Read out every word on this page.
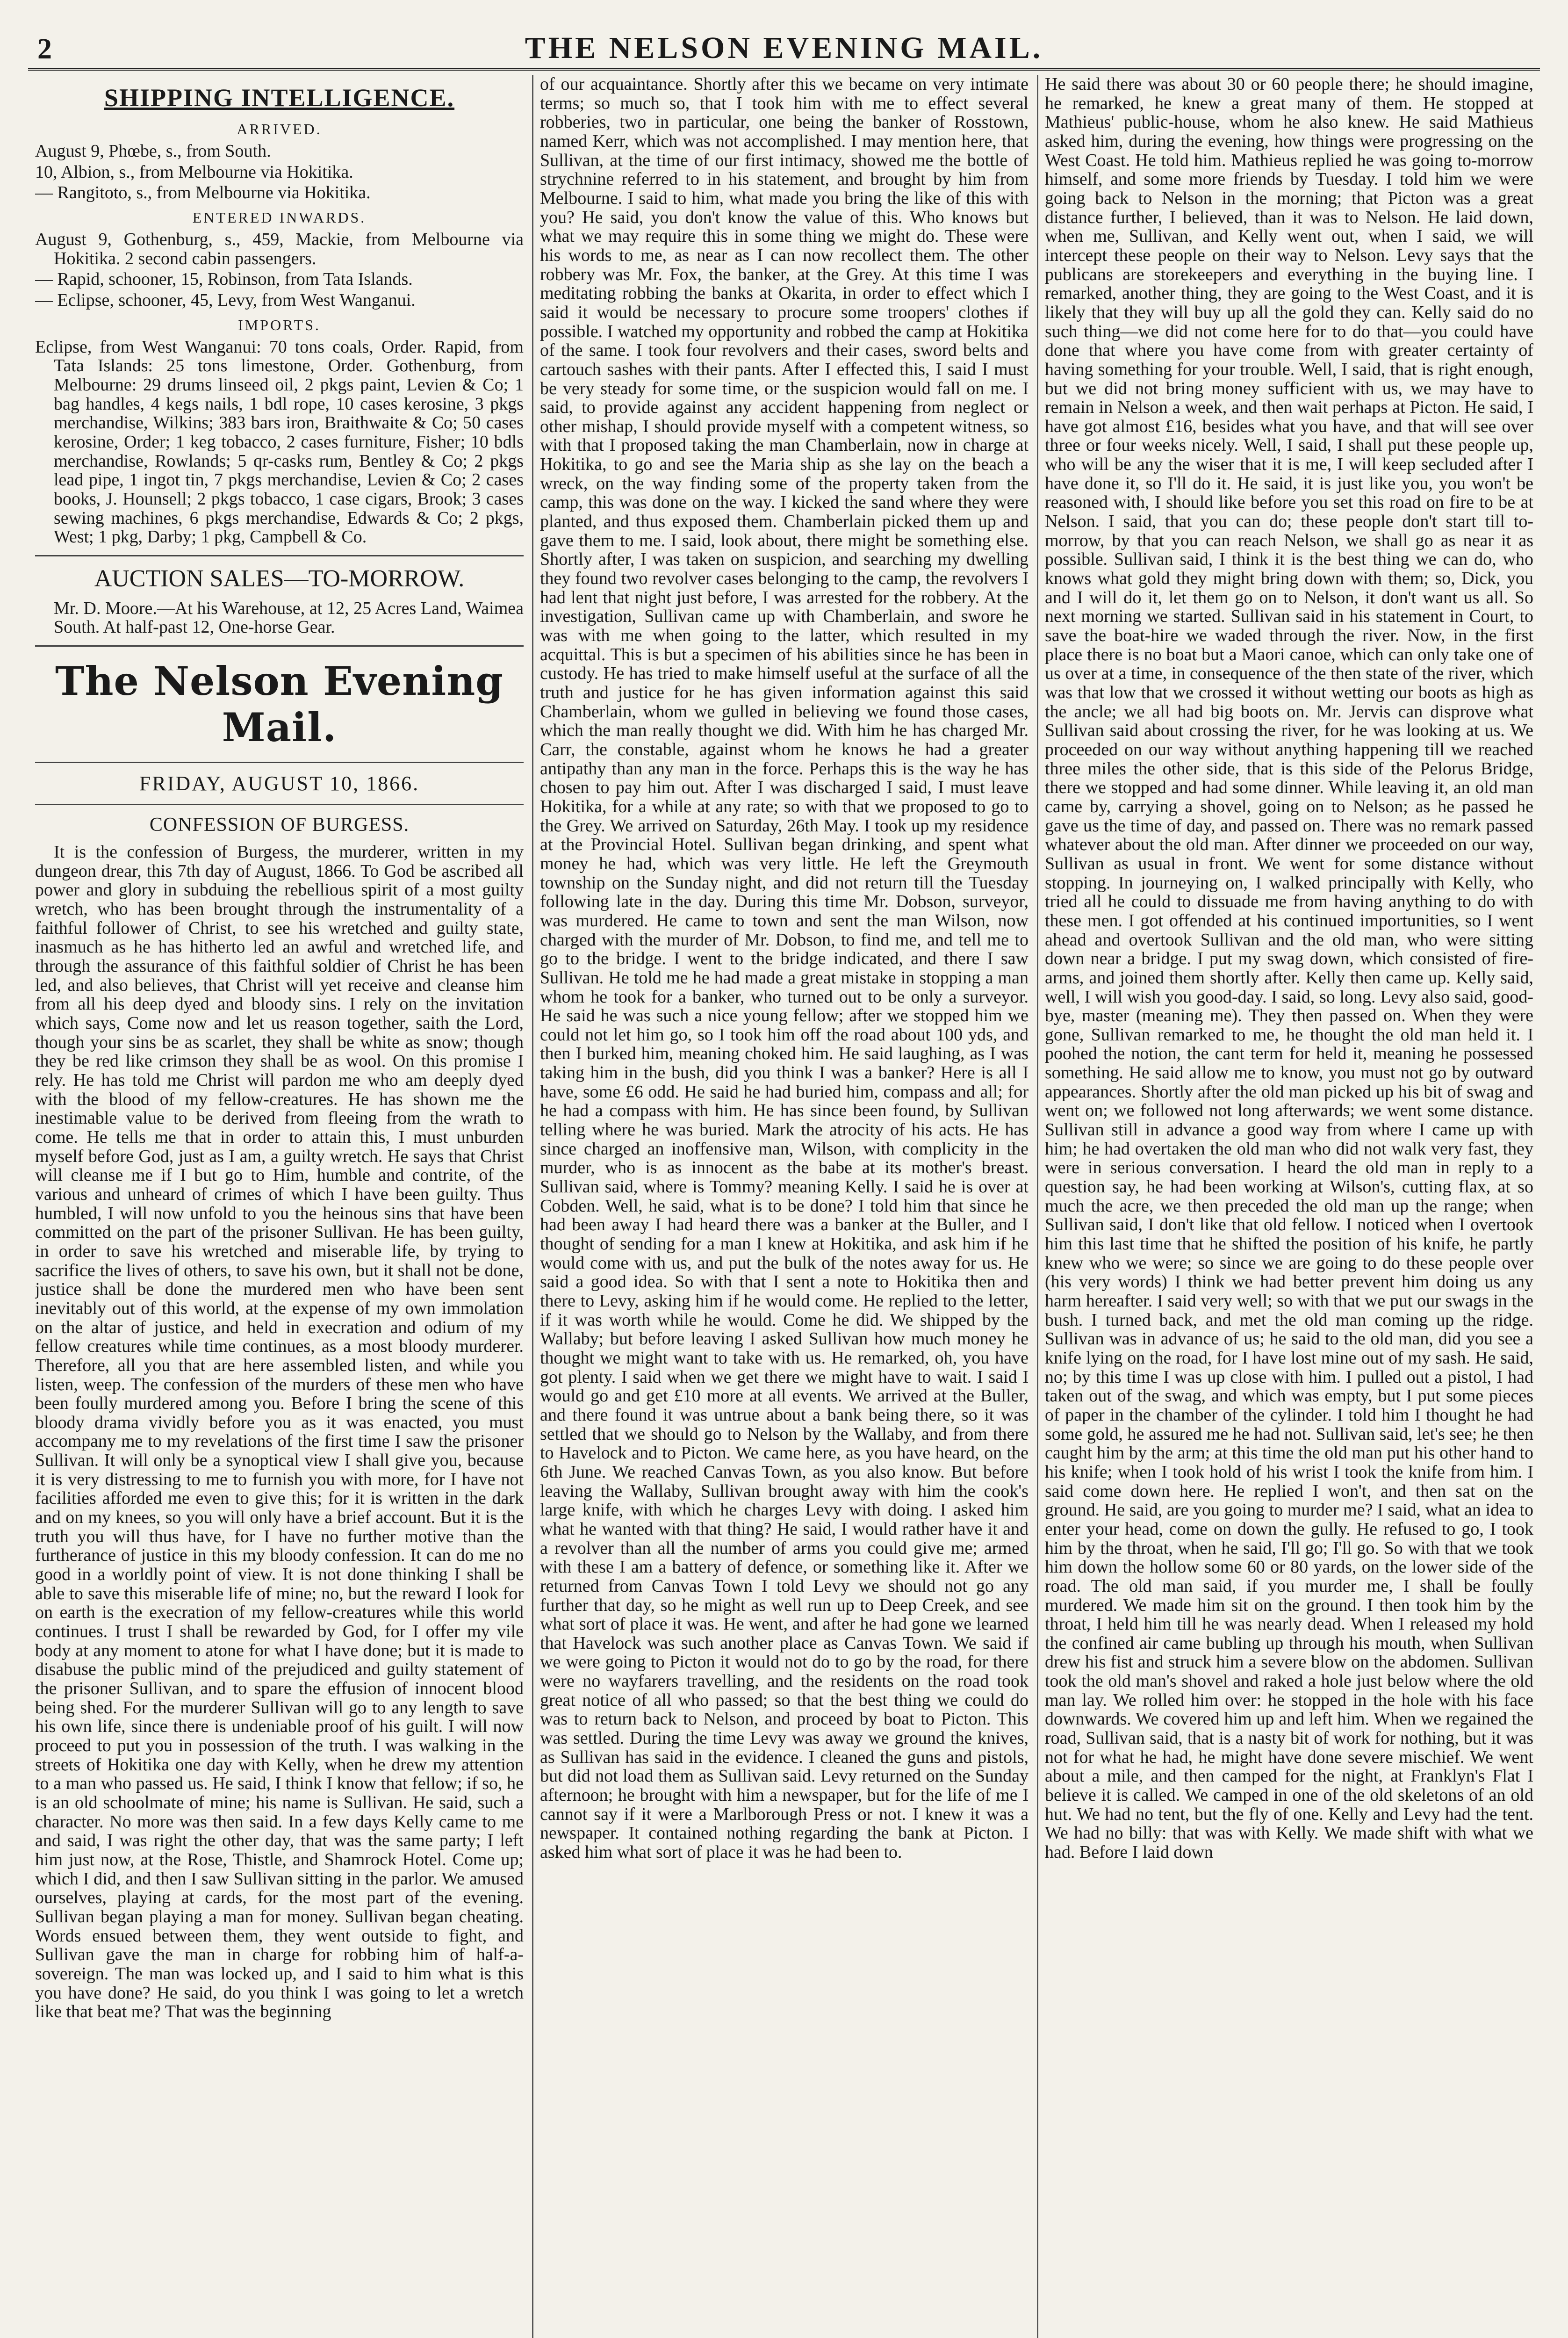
2	THE NELSON EVENING MAIL.
SHIPPING INTELLIGENCE.
ARRIVED.

August 9, Phœbe, s., from South.

10, Albion, s., from Melbourne via Hokitika.

— Rangitoto, s., from Melbourne via Hokitika.

ENTERED INWARDS.

August 9, Gothenburg, s., 459, Mackie, from Melbourne via Hokitika. 2 second cabin passengers.

— Rapid, schooner, 15, Robinson, from Tata Islands.

— Eclipse, schooner, 45, Levy, from West Wanganui.

IMPORTS.

Eclipse, from West Wanganui: 70 tons coals, Order. Rapid, from Tata Islands: 25 tons limestone, Order. Gothenburg, from Melbourne: 29 drums linseed oil, 2 pkgs paint, Levien & Co; 1 bag handles, 4 kegs nails, 1 bdl rope, 10 cases kerosine, 3 pkgs merchandise, Wilkins; 383 bars iron, Braithwaite & Co; 50 cases kerosine, Order; 1 keg tobacco, 2 cases furniture, Fisher; 10 bdls merchandise, Rowlands; 5 qr-casks rum, Bentley & Co; 2 pkgs lead pipe, 1 ingot tin, 7 pkgs merchandise, Levien & Co; 2 cases books, J. Hounsell; 2 pkgs tobacco, 1 case cigars, Brook; 3 cases sewing machines, 6 pkgs merchandise, Edwards & Co; 2 pkgs, West; 1 pkg, Darby; 1 pkg, Campbell & Co.

AUCTION SALES—TO-MORROW.

Mr. D. Moore.—At his Warehouse, at 12, 25 Acres Land, Waimea South. At half-past 12, One-horse Gear.

The Nelson Evening Mail.
FRIDAY, AUGUST 10, 1866.
CONFESSION OF BURGESS.

It is the confession of Burgess, the murderer, written in my dungeon drear, this 7th day of August, 1866. To God be ascribed all power and glory in subduing the rebellious spirit of a most guilty wretch, who has been brought through the instrumentality of a faithful follower of Christ, to see his wretched and guilty state, inasmuch as he has hitherto led an awful and wretched life, and through the assurance of this faithful soldier of Christ he has been led, and also believes, that Christ will yet receive and cleanse him from all his deep dyed and bloody sins. I rely on the invitation which says, Come now and let us reason together, saith the Lord, though your sins be as scarlet, they shall be white as snow; though they be red like crimson they shall be as wool. On this promise I rely. He has told me Christ will pardon me who am deeply dyed with the blood of my fellow-creatures. He has shown me the inestimable value to be derived from fleeing from the wrath to come. He tells me that in order to attain this, I must unburden myself before God, just as I am, a guilty wretch. He says that Christ will cleanse me if I but go to Him, humble and contrite, of the various and unheard of crimes of which I have been guilty. Thus humbled, I will now unfold to you the heinous sins that have been committed on the part of the prisoner Sullivan. He has been guilty, in order to save his wretched and miserable life, by trying to sacrifice the lives of others, to save his own, but it shall not be done, justice shall be done the murdered men who have been sent inevitably out of this world, at the expense of my own immolation on the altar of justice, and held in execration and odium of my fellow creatures while time continues, as a most bloody murderer. Therefore, all you that are here assembled listen, and while you listen, weep. The confession of the murders of these men who have been foully murdered among you. Before I bring the scene of this bloody drama vividly before you as it was enacted, you must accompany me to my revelations of the first time I saw the prisoner Sullivan. It will only be a synoptical view I shall give you, because it is very distressing to me to furnish you with more, for I have not facilities afforded me even to give this; for it is written in the dark and on my knees, so you will only have a brief account. But it is the truth you will thus have, for I have no further motive than the furtherance of justice in this my bloody confession. It can do me no good in a worldly point of view. It is not done thinking I shall be able to save this miserable life of mine; no, but the reward I look for on earth is the execration of my fellow-creatures while this world continues. I trust I shall be rewarded by God, for I offer my vile body at any moment to atone for what I have done; but it is made to disabuse the public mind of the prejudiced and guilty statement of the prisoner Sullivan, and to spare the effusion of innocent blood being shed. For the murderer Sullivan will go to any length to save his own life, since there is undeniable proof of his guilt. I will now proceed to put you in possession of the truth. I was walking in the streets of Hokitika one day with Kelly, when he drew my attention to a man who passed us. He said, I think I know that fellow; if so, he is an old schoolmate of mine; his name is Sullivan. He said, such a character. No more was then said. In a few days Kelly came to me and said, I was right the other day, that was the same party; I left him just now, at the Rose, Thistle, and Shamrock Hotel. Come up; which I did, and then I saw Sullivan sitting in the parlor. We amused ourselves, playing at cards, for the most part of the evening. Sullivan began playing a man for money. Sullivan began cheating. Words ensued between them, they went outside to fight, and Sullivan gave the man in charge for robbing him of half-a-sovereign. The man was locked up, and I said to him what is this you have done? He said, do you think I was going to let a wretch like that beat me? That was the beginning

of our acquaintance. Shortly after this we became on very intimate terms; so much so, that I took him with me to effect several robberies, two in particular, one being the banker of Rosstown, named Kerr, which was not accomplished. I may mention here, that Sullivan, at the time of our first intimacy, showed me the bottle of strychnine referred to in his statement, and brought by him from Melbourne. I said to him, what made you bring the like of this with you? He said, you don't know the value of this. Who knows but what we may require this in some thing we might do. These were his words to me, as near as I can now recollect them. The other robbery was Mr. Fox, the banker, at the Grey. At this time I was meditating robbing the banks at Okarita, in order to effect which I said it would be necessary to procure some troopers' clothes if possible. I watched my opportunity and robbed the camp at Hokitika of the same. I took four revolvers and their cases, sword belts and cartouch sashes with their pants. After I effected this, I said I must be very steady for some time, or the suspicion would fall on me. I said, to provide against any accident happening from neglect or other mishap, I should provide myself with a competent witness, so with that I proposed taking the man Chamberlain, now in charge at Hokitika, to go and see the Maria ship as she lay on the beach a wreck, on the way finding some of the property taken from the camp, this was done on the way. I kicked the sand where they were planted, and thus exposed them. Chamberlain picked them up and gave them to me. I said, look about, there might be something else. Shortly after, I was taken on suspicion, and searching my dwelling they found two revolver cases belonging to the camp, the revolvers I had lent that night just before, I was arrested for the robbery. At the investigation, Sullivan came up with Chamberlain, and swore he was with me when going to the latter, which resulted in my acquittal. This is but a specimen of his abilities since he has been in custody. He has tried to make himself useful at the surface of all the truth and justice for he has given information against this said Chamberlain, whom we gulled in believing we found those cases, which the man really thought we did. With him he has charged Mr. Carr, the constable, against whom he knows he had a greater antipathy than any man in the force. Perhaps this is the way he has chosen to pay him out. After I was discharged I said, I must leave Hokitika, for a while at any rate; so with that we proposed to go to the Grey. We arrived on Saturday, 26th May. I took up my residence at the Provincial Hotel. Sullivan began drinking, and spent what money he had, which was very little. He left the Greymouth township on the Sunday night, and did not return till the Tuesday following late in the day. During this time Mr. Dobson, surveyor, was murdered. He came to town and sent the man Wilson, now charged with the murder of Mr. Dobson, to find me, and tell me to go to the bridge. I went to the bridge indicated, and there I saw Sullivan. He told me he had made a great mistake in stopping a man whom he took for a banker, who turned out to be only a surveyor. He said he was such a nice young fellow; after we stopped him we could not let him go, so I took him off the road about 100 yds, and then I burked him, meaning choked him. He said laughing, as I was taking him in the bush, did you think I was a banker? Here is all I have, some £6 odd. He said he had buried him, compass and all; for he had a compass with him. He has since been found, by Sullivan telling where he was buried. Mark the atrocity of his acts. He has since charged an inoffensive man, Wilson, with complicity in the murder, who is as innocent as the babe at its mother's breast. Sullivan said, where is Tommy? meaning Kelly. I said he is over at Cobden. Well, he said, what is to be done? I told him that since he had been away I had heard there was a banker at the Buller, and I thought of sending for a man I knew at Hokitika, and ask him if he would come with us, and put the bulk of the notes away for us. He said a good idea. So with that I sent a note to Hokitika then and there to Levy, asking him if he would come. He replied to the letter, if it was worth while he would. Come he did. We shipped by the Wallaby; but before leaving I asked Sullivan how much money he thought we might want to take with us. He remarked, oh, you have got plenty. I said when we get there we might have to wait. I said I would go and get £10 more at all events. We arrived at the Buller, and there found it was untrue about a bank being there, so it was settled that we should go to Nelson by the Wallaby, and from there to Havelock and to Picton. We came here, as you have heard, on the 6th June. We reached Canvas Town, as you also know. But before leaving the Wallaby, Sullivan brought away with him the cook's large knife, with which he charges Levy with doing. I asked him what he wanted with that thing? He said, I would rather have it and a revolver than all the number of arms you could give me; armed with these I am a battery of defence, or something like it. After we returned from Canvas Town I told Levy we should not go any further that day, so he might as well run up to Deep Creek, and see what sort of place it was. He went, and after he had gone we learned that Havelock was such another place as Canvas Town. We said if we were going to Picton it would not do to go by the road, for there were no wayfarers travelling, and the residents on the road took great notice of all who passed; so that the best thing we could do was to return back to Nelson, and proceed by boat to Picton. This was settled. During the time Levy was away we ground the knives, as Sullivan has said in the evidence. I cleaned the guns and pistols, but did not load them as Sullivan said. Levy returned on the Sunday afternoon; he brought with him a newspaper, but for the life of me I cannot say if it were a Marlborough Press or not. I knew it was a newspaper. It contained nothing regarding the bank at Picton. I asked him what sort of place it was he had been to.

He said there was about 30 or 60 people there; he should imagine, he remarked, he knew a great many of them. He stopped at Mathieus' public-house, whom he also knew. He said Mathieus asked him, during the evening, how things were progressing on the West Coast. He told him. Mathieus replied he was going to-morrow himself, and some more friends by Tuesday. I told him we were going back to Nelson in the morning; that Picton was a great distance further, I believed, than it was to Nelson. He laid down, when me, Sullivan, and Kelly went out, when I said, we will intercept these people on their way to Nelson. Levy says that the publicans are storekeepers and everything in the buying line. I remarked, another thing, they are going to the West Coast, and it is likely that they will buy up all the gold they can. Kelly said do no such thing—we did not come here for to do that—you could have done that where you have come from with greater certainty of having something for your trouble. Well, I said, that is right enough, but we did not bring money sufficient with us, we may have to remain in Nelson a week, and then wait perhaps at Picton. He said, I have got almost £16, besides what you have, and that will see over three or four weeks nicely. Well, I said, I shall put these people up, who will be any the wiser that it is me, I will keep secluded after I have done it, so I'll do it. He said, it is just like you, you won't be reasoned with, I should like before you set this road on fire to be at Nelson. I said, that you can do; these people don't start till to-morrow, by that you can reach Nelson, we shall go as near it as possible. Sullivan said, I think it is the best thing we can do, who knows what gold they might bring down with them; so, Dick, you and I will do it, let them go on to Nelson, it don't want us all. So next morning we started. Sullivan said in his statement in Court, to save the boat-hire we waded through the river. Now, in the first place there is no boat but a Maori canoe, which can only take one of us over at a time, in consequence of the then state of the river, which was that low that we crossed it without wetting our boots as high as the ancle; we all had big boots on. Mr. Jervis can disprove what Sullivan said about crossing the river, for he was looking at us. We proceeded on our way without anything happening till we reached three miles the other side, that is this side of the Pelorus Bridge, there we stopped and had some dinner. While leaving it, an old man came by, carrying a shovel, going on to Nelson; as he passed he gave us the time of day, and passed on. There was no remark passed whatever about the old man. After dinner we proceeded on our way, Sullivan as usual in front. We went for some distance without stopping. In journeying on, I walked principally with Kelly, who tried all he could to dissuade me from having anything to do with these men. I got offended at his continued importunities, so I went ahead and overtook Sullivan and the old man, who were sitting down near a bridge. I put my swag down, which consisted of fire-arms, and joined them shortly after. Kelly then came up. Kelly said, well, I will wish you good-day. I said, so long. Levy also said, good-bye, master (meaning me). They then passed on. When they were gone, Sullivan remarked to me, he thought the old man held it. I poohed the notion, the cant term for held it, meaning he possessed something. He said allow me to know, you must not go by outward appearances. Shortly after the old man picked up his bit of swag and went on; we followed not long afterwards; we went some distance. Sullivan still in advance a good way from where I came up with him; he had overtaken the old man who did not walk very fast, they were in serious conversation. I heard the old man in reply to a question say, he had been working at Wilson's, cutting flax, at so much the acre, we then preceded the old man up the range; when Sullivan said, I don't like that old fellow. I noticed when I overtook him this last time that he shifted the position of his knife, he partly knew who we were; so since we are going to do these people over (his very words) I think we had better prevent him doing us any harm hereafter. I said very well; so with that we put our swags in the bush. I turned back, and met the old man coming up the ridge. Sullivan was in advance of us; he said to the old man, did you see a knife lying on the road, for I have lost mine out of my sash. He said, no; by this time I was up close with him. I pulled out a pistol, I had taken out of the swag, and which was empty, but I put some pieces of paper in the chamber of the cylinder. I told him I thought he had some gold, he assured me he had not. Sullivan said, let's see; he then caught him by the arm; at this time the old man put his other hand to his knife; when I took hold of his wrist I took the knife from him. I said come down here. He replied I won't, and then sat on the ground. He said, are you going to murder me? I said, what an idea to enter your head, come on down the gully. He refused to go, I took him by the throat, when he said, I'll go; I'll go. So with that we took him down the hollow some 60 or 80 yards, on the lower side of the road. The old man said, if you murder me, I shall be foully murdered. We made him sit on the ground. I then took him by the throat, I held him till he was nearly dead. When I released my hold the confined air came bubling up through his mouth, when Sullivan drew his fist and struck him a severe blow on the abdomen. Sullivan took the old man's shovel and raked a hole just below where the old man lay. We rolled him over: he stopped in the hole with his face downwards. We covered him up and left him. When we regained the road, Sullivan said, that is a nasty bit of work for nothing, but it was not for what he had, he might have done severe mischief. We went about a mile, and then camped for the night, at Franklyn's Flat I believe it is called. We camped in one of the old skeletons of an old hut. We had no tent, but the fly of one. Kelly and Levy had the tent. We had no billy: that was with Kelly. We made shift with what we had. Before I laid down
